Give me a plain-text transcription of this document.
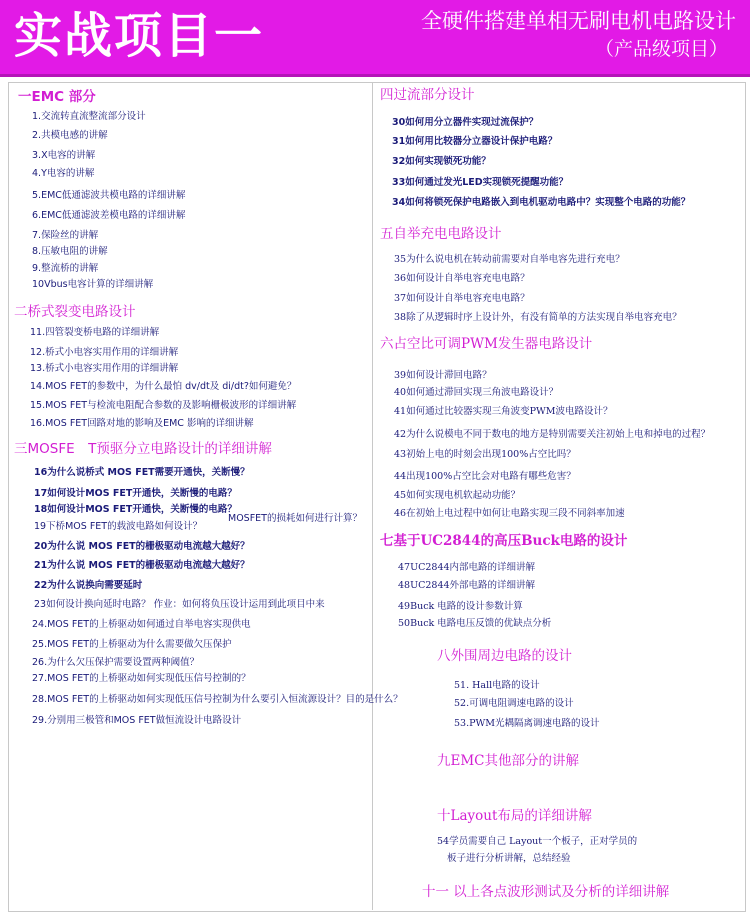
实战项目一	全硬件搭建单相无刷电机电路设计
（产品级项目）
一EMC 部分
1.交流转直流整流部分设计
2.共模电感的讲解
3.X电容的讲解
4.Y电容的讲解
5.EMC低通滤波共模电路的详细讲解
6.EMC低通滤波差模电路的详细讲解
7.保险丝的讲解
8.压敏电阻的讲解
9.整流桥的讲解
10Vbus电容计算的详细讲解
二桥式裂变电路设计
11.四管裂变桥电路的详细讲解
12.桥式小电容实用作用的详细讲解
13.桥式小电容实用作用的详细讲解
14.MOS FET的参数中，为什么最怕 dv/dt及 di/dt?如何避免？
15.MOS FET与检流电阻配合参数的及影响栅极波形的详细讲解
16.MOS FET回路对地的影响及EMC 影响的详细讲解
三MOSFE　T预驱分立电路设计的详细讲解
16为什么说桥式 MOS FET需要开通快，关断慢？
17如何设计MOS FET开通快，关断慢的电路？
18如何设计MOS FET开通快，关断慢的电路？
MOSFET的损耗如何进行计算？
19下桥MOS FET的载波电路如何设计？
20为什么说 MOS FET的栅极驱动电流越大越好？
21为什么说 MOS FET的栅极驱动电流越大越好？
22为什么说换向需要延时
23如何设计换向延时电路？ 作业：如何将负压设计运用到此项目中来
24.MOS FET的上桥驱动如何通过自举电容实现供电
25.MOS FET的上桥驱动为什么需要做欠压保护
26.为什么欠压保护需要设置两种阈值？
27.MOS FET的上桥驱动如何实现低压信号控制的？
28.MOS FET的上桥驱动如何实现低压信号控制为什么要引入恒流源设计？目的是什么？
29.分别用三极管和MOS FET做恒流设计电路设计
四过流部分设计
30如何用分立器件实现过流保护？
31如何用比较器分立器设计保护电路？
32如何实现锁死功能？
33如何通过发光LED实现锁死提醒功能？
34如何将锁死保护电路嵌入到电机驱动电路中？实现整个电路的功能？
五自举充电电路设计
35为什么说电机在转动前需要对自举电容先进行充电？
36如何设计自举电容充电电路？
37如何设计自举电容充电电路？
38除了从逻辑时序上设计外，有没有简单的方法实现自举电容充电？
六占空比可调PWM发生器电路设计
39如何设计滞回电路？
40如何通过滞回实现三角波电路设计？
41如何通过比较器实现三角波变PWM波电路设计？
42为什么说模电不同于数电的地方是特别需要关注初始上电和掉电的过程？
43初始上电的时刻会出现100%占空比吗？
44出现100%占空比会对电路有哪些危害？
45如何实现电机软起动功能？
46在初始上电过程中如何让电路实现三段不同斜率加速
七基于UC2844的高压Buck电路的设计
47UC2844内部电路的详细讲解
48UC2844外部电路的详细讲解
49Buck 电路的设计参数计算
50Buck 电路电压反馈的优缺点分析
八外围周边电路的设计
51. Hall电路的设计
52.可调电阻调速电路的设计
53.PWM光耦隔离调速电路的设计
九EMC其他部分的讲解
十Layout布局的详细讲解
54学员需要自己 Layout一个板子，正对学员的
板子进行分析讲解，总结经验
十一 以上各点波形测试及分析的详细讲解
